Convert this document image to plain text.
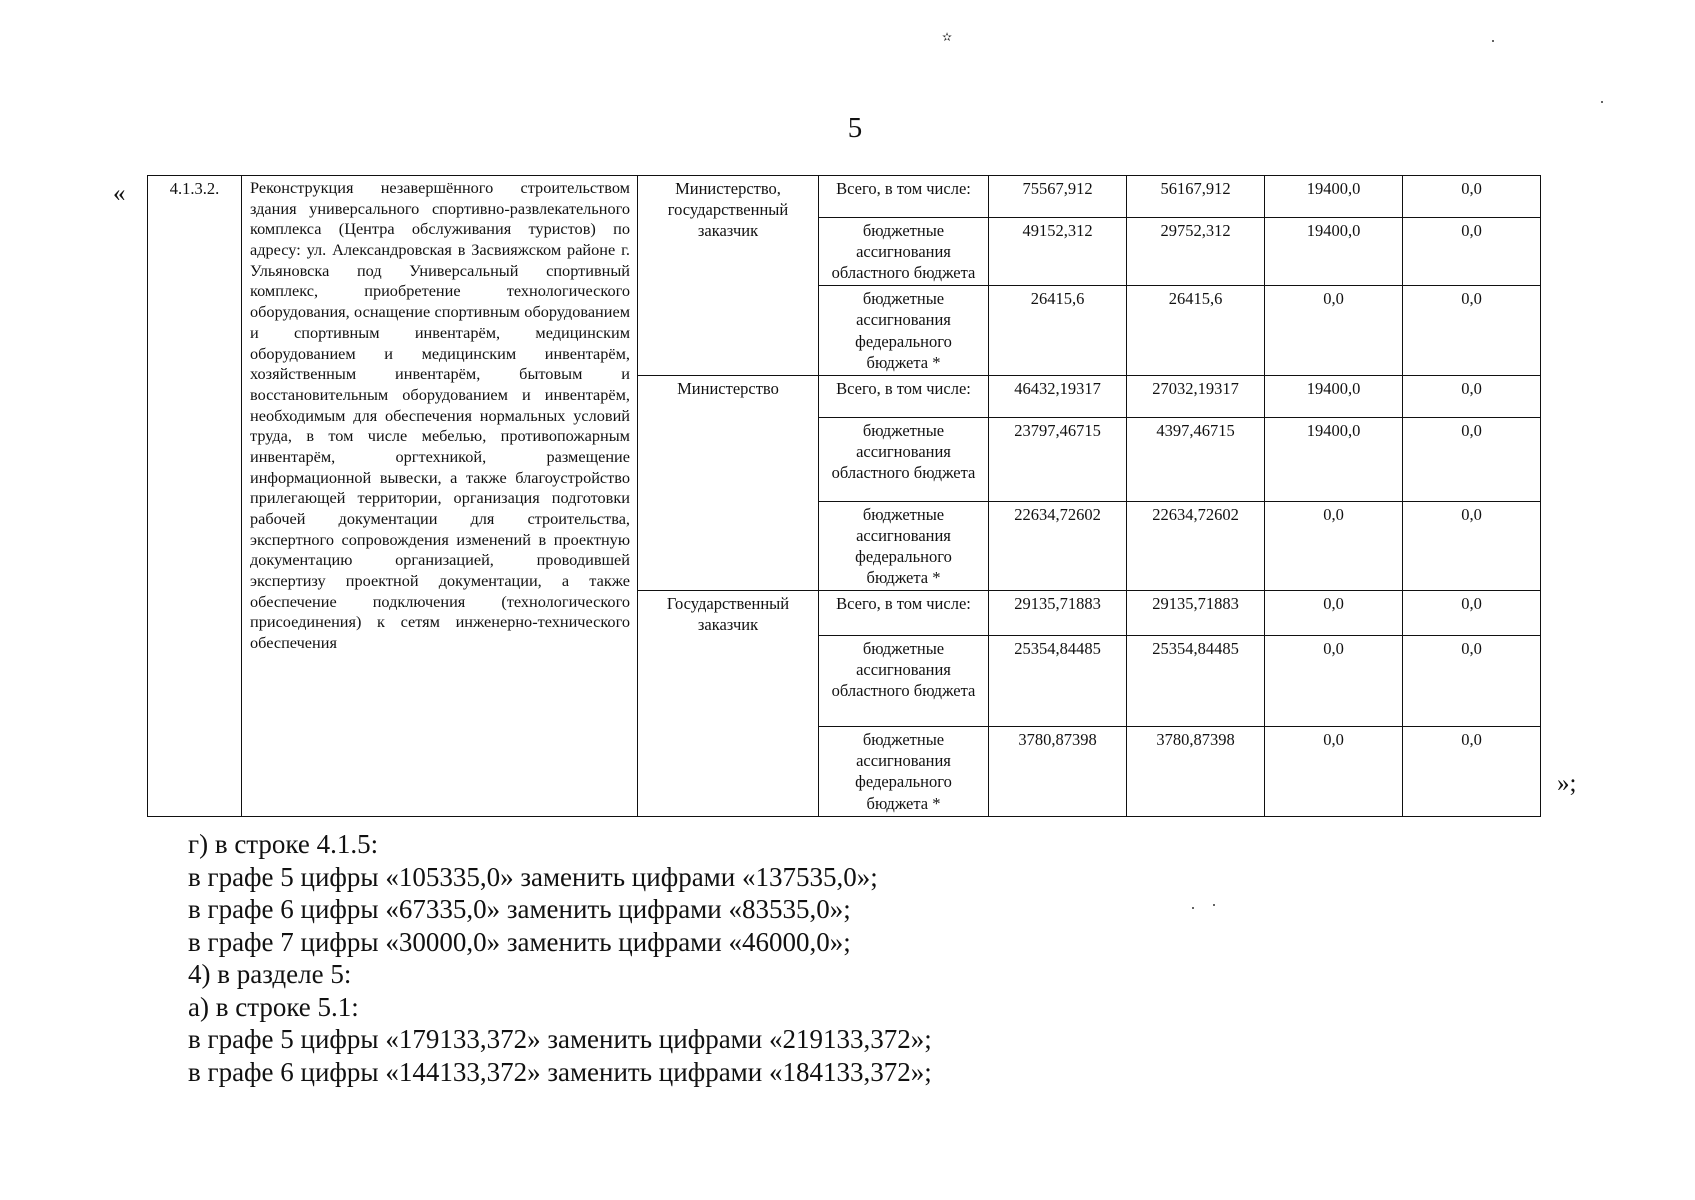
✫
5
«
»;
4.1.3.2.	Реконструкция незавершённого строительством здания универсального спортивно-развлекательного комплекса (Центра обслуживания туристов) по адресу: ул. Александровская в Засвияжском районе г. Ульяновска под Универсальный спортивный комплекс, приобретение технологического оборудования, оснащение спортивным оборудованием и спортивным инвентарём, медицинским оборудованием и медицинским инвентарём, хозяйственным инвентарём, бытовым и восстановительным оборудованием и инвентарём, необходимым для обеспечения нормальных условий труда, в том числе мебелью, противопожарным инвентарём, оргтехникой, размещение информационной вывески, а также благоустройство прилегающей территории, организация подготовки рабочей документации для строительства, экспертного сопровождения изменений в проектную документацию организацией, проводившей экспертизу проектной документации, а также обеспечение подключения (технологического присоединения) к сетям инженерно-технического обеспечения	Министерство, государственный заказчик	Всего, в том числе:	75567,912	56167,912	19400,0	0,0
			бюджетные ассигнования областного бюджета	49152,312	29752,312	19400,0	0,0
			бюджетные ассигнования федерального бюджета *	26415,6	26415,6	0,0	0,0
		Министерство	Всего, в том числе:	46432,19317	27032,19317	19400,0	0,0
			бюджетные ассигнования областного бюджета	23797,46715	4397,46715	19400,0	0,0
			бюджетные ассигнования федерального бюджета *	22634,72602	22634,72602	0,0	0,0
		Государственный заказчик	Всего, в том числе:	29135,71883	29135,71883	0,0	0,0
			бюджетные ассигнования областного бюджета	25354,84485	25354,84485	0,0	0,0
			бюджетные ассигнования федерального бюджета *	3780,87398	3780,87398	0,0	0,0
г) в строке 4.1.5:
в графе 5 цифры «105335,0» заменить цифрами «137535,0»;
в графе 6 цифры «67335,0» заменить цифрами «83535,0»;
в графе 7 цифры «30000,0» заменить цифрами «46000,0»;
4) в разделе 5:
а) в строке 5.1:
в графе 5 цифры «179133,372» заменить цифрами «219133,372»;
в графе 6 цифры «144133,372» заменить цифрами «184133,372»;
